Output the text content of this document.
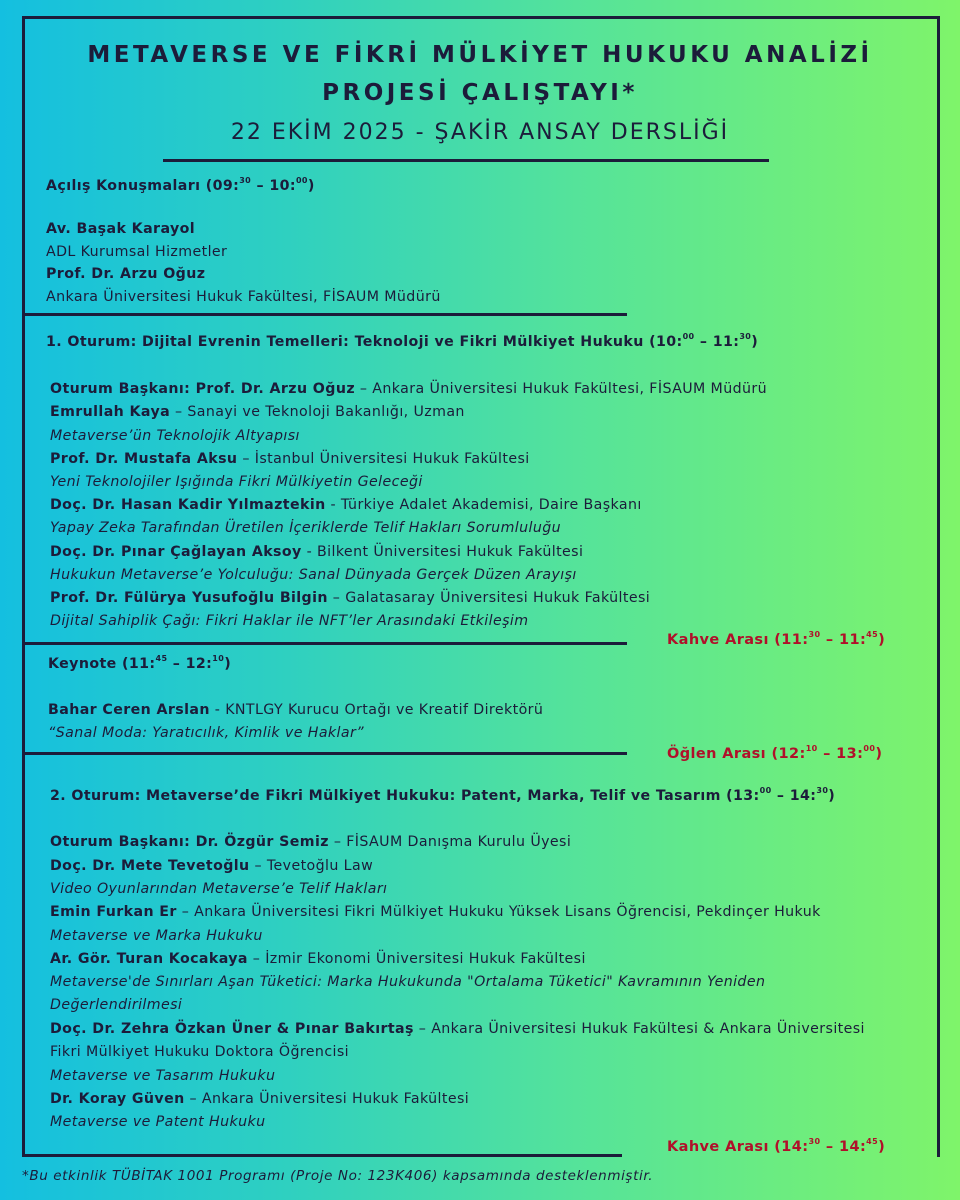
METAVERSE VE FİKRİ MÜLKİYET HUKUKU ANALİZİ
PROJESİ ÇALIŞTAYI*
22 EKİM 2025 - ŞAKİR ANSAY DERSLİĞİ
Açılış Konuşmaları (09:$^{30}$ – 10:$^{00}$)
Av. Başak Karayol
ADL Kurumsal Hizmetler
Prof. Dr. Arzu Oğuz
Ankara Üniversitesi Hukuk Fakültesi, FİSAUM Müdürü
1. Oturum: Dijital Evrenin Temelleri: Teknoloji ve Fikri Mülkiyet Hukuku (10:$^{00}$ – 11:$^{30}$)
Oturum Başkanı: Prof. Dr. Arzu Oğuz – Ankara Üniversitesi Hukuk Fakültesi, FİSAUM Müdürü
Emrullah Kaya – Sanayi ve Teknoloji Bakanlığı, Uzman
Metaverse’ün Teknolojik Altyapısı
Prof. Dr. Mustafa Aksu – İstanbul Üniversitesi Hukuk Fakültesi
Yeni Teknolojiler Işığında Fikri Mülkiyetin Geleceği
Doç. Dr. Hasan Kadir Yılmaztekin - Türkiye Adalet Akademisi, Daire Başkanı
Yapay Zeka Tarafından Üretilen İçeriklerde Telif Hakları Sorumluluğu
Doç. Dr. Pınar Çağlayan Aksoy - Bilkent Üniversitesi Hukuk Fakültesi
Hukukun Metaverse’e Yolculuğu: Sanal Dünyada Gerçek Düzen Arayışı
Prof. Dr. Fülürya Yusufoğlu Bilgin – Galatasaray Üniversitesi Hukuk Fakültesi
Dijital Sahiplik Çağı: Fikri Haklar ile NFT’ler Arasındaki Etkileşim
Kahve Arası (11:$^{30}$ – 11:$^{45}$)
Keynote (11:$^{45}$ – 12:$^{10}$)
Bahar Ceren Arslan - KNTLGY Kurucu Ortağı ve Kreatif Direktörü
“Sanal Moda: Yaratıcılık, Kimlik ve Haklar”
Öğlen Arası (12:$^{10}$ – 13:$^{00}$)
2. Oturum: Metaverse’de Fikri Mülkiyet Hukuku: Patent, Marka, Telif ve Tasarım (13:$^{00}$ – 14:$^{30}$)
Oturum Başkanı: Dr. Özgür Semiz – FİSAUM Danışma Kurulu Üyesi
Doç. Dr. Mete Tevetoğlu – Tevetoğlu Law
Video Oyunlarından Metaverse’e Telif Hakları
Emin Furkan Er – Ankara Üniversitesi Fikri Mülkiyet Hukuku Yüksek Lisans Öğrencisi, Pekdinçer Hukuk
Metaverse ve Marka Hukuku
Ar. Gör. Turan Kocakaya – İzmir Ekonomi Üniversitesi Hukuk Fakültesi
Metaverse'de Sınırları Aşan Tüketici: Marka Hukukunda "Ortalama Tüketici" Kavramının Yeniden
Değerlendirilmesi
Doç. Dr. Zehra Özkan Üner & Pınar Bakırtaş – Ankara Üniversitesi Hukuk Fakültesi & Ankara Üniversitesi
Fikri Mülkiyet Hukuku Doktora Öğrencisi
Metaverse ve Tasarım Hukuku
Dr. Koray Güven – Ankara Üniversitesi Hukuk Fakültesi
Metaverse ve Patent Hukuku
Kahve Arası (14:$^{30}$ – 14:$^{45}$)
*Bu etkinlik TÜBİTAK 1001 Programı (Proje No: 123K406) kapsamında desteklenmiştir.
